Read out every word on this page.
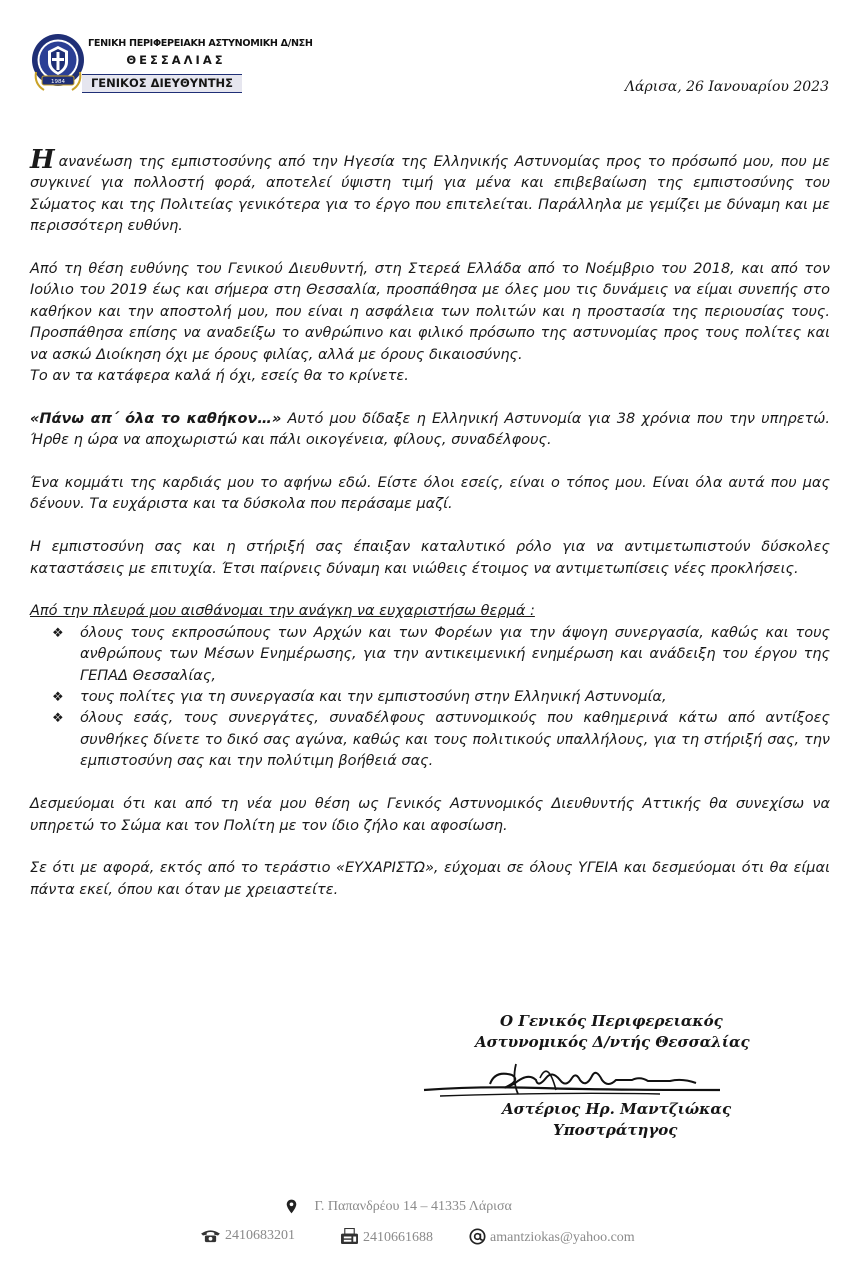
1984
ΓΕΝΙΚΗ ΠΕΡΙΦΕΡΕΙΑΚΗ ΑΣΤΥΝΟΜΙΚΗ Δ/ΝΣΗ
ΘΕΣΣΑΛΙΑΣ
ΓΕΝΙΚΟΣ ΔΙΕΥΘΥΝΤΗΣ	Λάρισα, 26 Ιανουαρίου 2023

Ηανανέωση της εμπιστοσύνης από την Ηγεσία της Ελληνικής Αστυνομίας προς το πρόσωπό μου, που με συγκινεί για πολλοστή φορά, αποτελεί ύψιστη τιμή για μένα και επιβεβαίωση της εμπιστοσύνης του Σώματος και της Πολιτείας γενικότερα για το έργο που επιτελείται. Παράλληλα με γεμίζει με δύναμη και με περισσότερη ευθύνη.

Από τη θέση ευθύνης του Γενικού Διευθυντή, στη Στερεά Ελλάδα από το Νοέμβριο του 2018, και από τον Ιούλιο του 2019 έως και σήμερα στη Θεσσαλία, προσπάθησα με όλες μου τις δυνάμεις να είμαι συνεπής στο καθήκον και την αποστολή μου, που είναι η ασφάλεια των πολιτών και η προστασία της περιουσίας τους. Προσπάθησα επίσης να αναδείξω το ανθρώπινο και φιλικό πρόσωπο της αστυνομίας προς τους πολίτες και να ασκώ Διοίκηση όχι με όρους φιλίας, αλλά με όρους δικαιοσύνης.

Το αν τα κατάφερα καλά ή όχι, εσείς θα το κρίνετε.

«Πάνω απ΄ όλα το καθήκον…» Αυτό μου δίδαξε η Ελληνική Αστυνομία για 38 χρόνια που την υπηρετώ. Ήρθε η ώρα να αποχωριστώ και πάλι οικογένεια, φίλους, συναδέλφους.

Ένα κομμάτι της καρδιάς μου το αφήνω εδώ. Είστε όλοι εσείς, είναι ο τόπος μου. Είναι όλα αυτά που μας δένουν. Τα ευχάριστα και τα δύσκολα που περάσαμε μαζί.

Η εμπιστοσύνη σας και η στήριξή σας έπαιξαν καταλυτικό ρόλο για να αντιμετωπιστούν δύσκολες καταστάσεις με επιτυχία. Έτσι παίρνεις δύναμη και νιώθεις έτοιμος να αντιμετωπίσεις νέες προκλήσεις.

Από την πλευρά μου αισθάνομαι την ανάγκη να ευχαριστήσω θερμά :

❖ όλους τους εκπροσώπους των Αρχών και των Φορέων για την άψογη συνεργασία, καθώς και τους ανθρώπους των Μέσων Ενημέρωσης, για την αντικειμενική ενημέρωση και ανάδειξη του έργου της ΓΕΠΑΔ Θεσσαλίας,
❖ τους πολίτες για τη συνεργασία και την εμπιστοσύνη στην Ελληνική Αστυνομία,
❖ όλους εσάς, τους συνεργάτες, συναδέλφους αστυνομικούς που καθημερινά κάτω από αντίξοες συνθήκες δίνετε το δικό σας αγώνα, καθώς και τους πολιτικούς υπαλλήλους, για τη στήριξή σας, την εμπιστοσύνη σας και την πολύτιμη βοήθειά σας.

Δεσμεύομαι ότι και από τη νέα μου θέση ως Γενικός Αστυνομικός Διευθυντής Αττικής θα συνεχίσω να υπηρετώ το Σώμα και τον Πολίτη με τον ίδιο ζήλο και αφοσίωση.

Σε ότι με αφορά, εκτός από το τεράστιο «ΕΥΧΑΡΙΣΤΩ», εύχομαι σε όλους ΥΓΕΙΑ και δεσμεύομαι ότι θα είμαι πάντα εκεί, όπου και όταν με χρειαστείτε.

Ο Γενικός Περιφερειακός
Αστυνομικός Δ/ντής Θεσσαλίας
Αστέριος Ηρ. Μαντζιώκας
Υποστράτηγος
Γ. Παπανδρέου 14 – 41335 Λάρισα
2410683201	2410661688	amantziokas@yahoo.com
